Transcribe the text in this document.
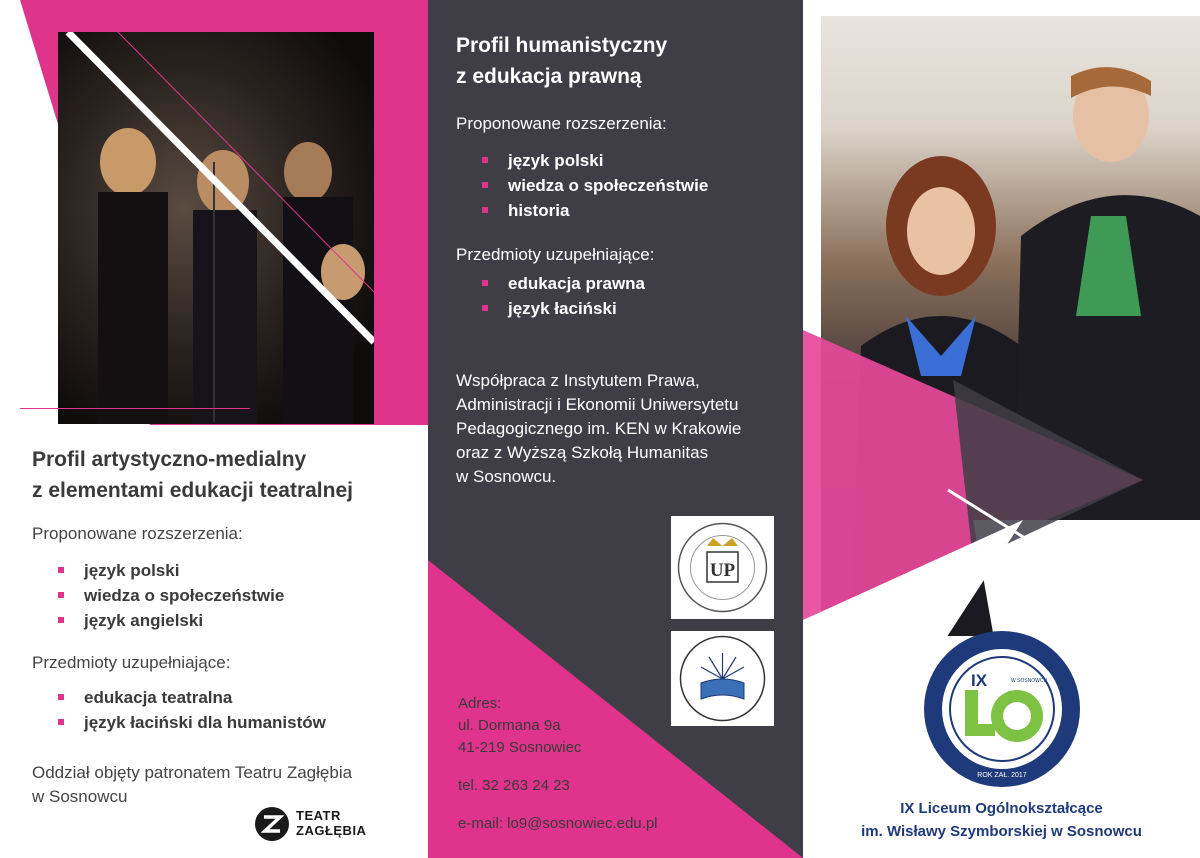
Profil artystyczno-medialny
z elementami edukacji teatralnej
Proponowane rozszerzenia:
język polski
wiedza o społeczeństwie
język angielski
Przedmioty uzupełniające:
edukacja teatralna
język łaciński dla humanistów
Oddział objęty patronatem Teatru Zagłębia
w Sosnowcu
TEATR
ZAGŁĘBIA
Profil humanistyczny
z edukacja prawną
Proponowane rozszerzenia:
język polski
wiedza o społeczeństwie
historia
Przedmioty uzupełniające:
edukacja prawna
język łaciński
Współpraca z Instytutem Prawa,
Administracji i Ekonomii Uniwersytetu
Pedagogicznego im. KEN w Krakowie
oraz z Wyższą Szkołą Humanitas
w Sosnowcu.
UP
Adres:
ul. Dormana 9a
41-219 Sosnowiec
tel. 32 263 24 23
e-mail: lo9@sosnowiec.edu.pl
IX	W SOSNOWCU
ROK ZAŁ. 2017
IX Liceum Ogólnokształcące
im. Wisławy Szymborskiej w Sosnowcu
